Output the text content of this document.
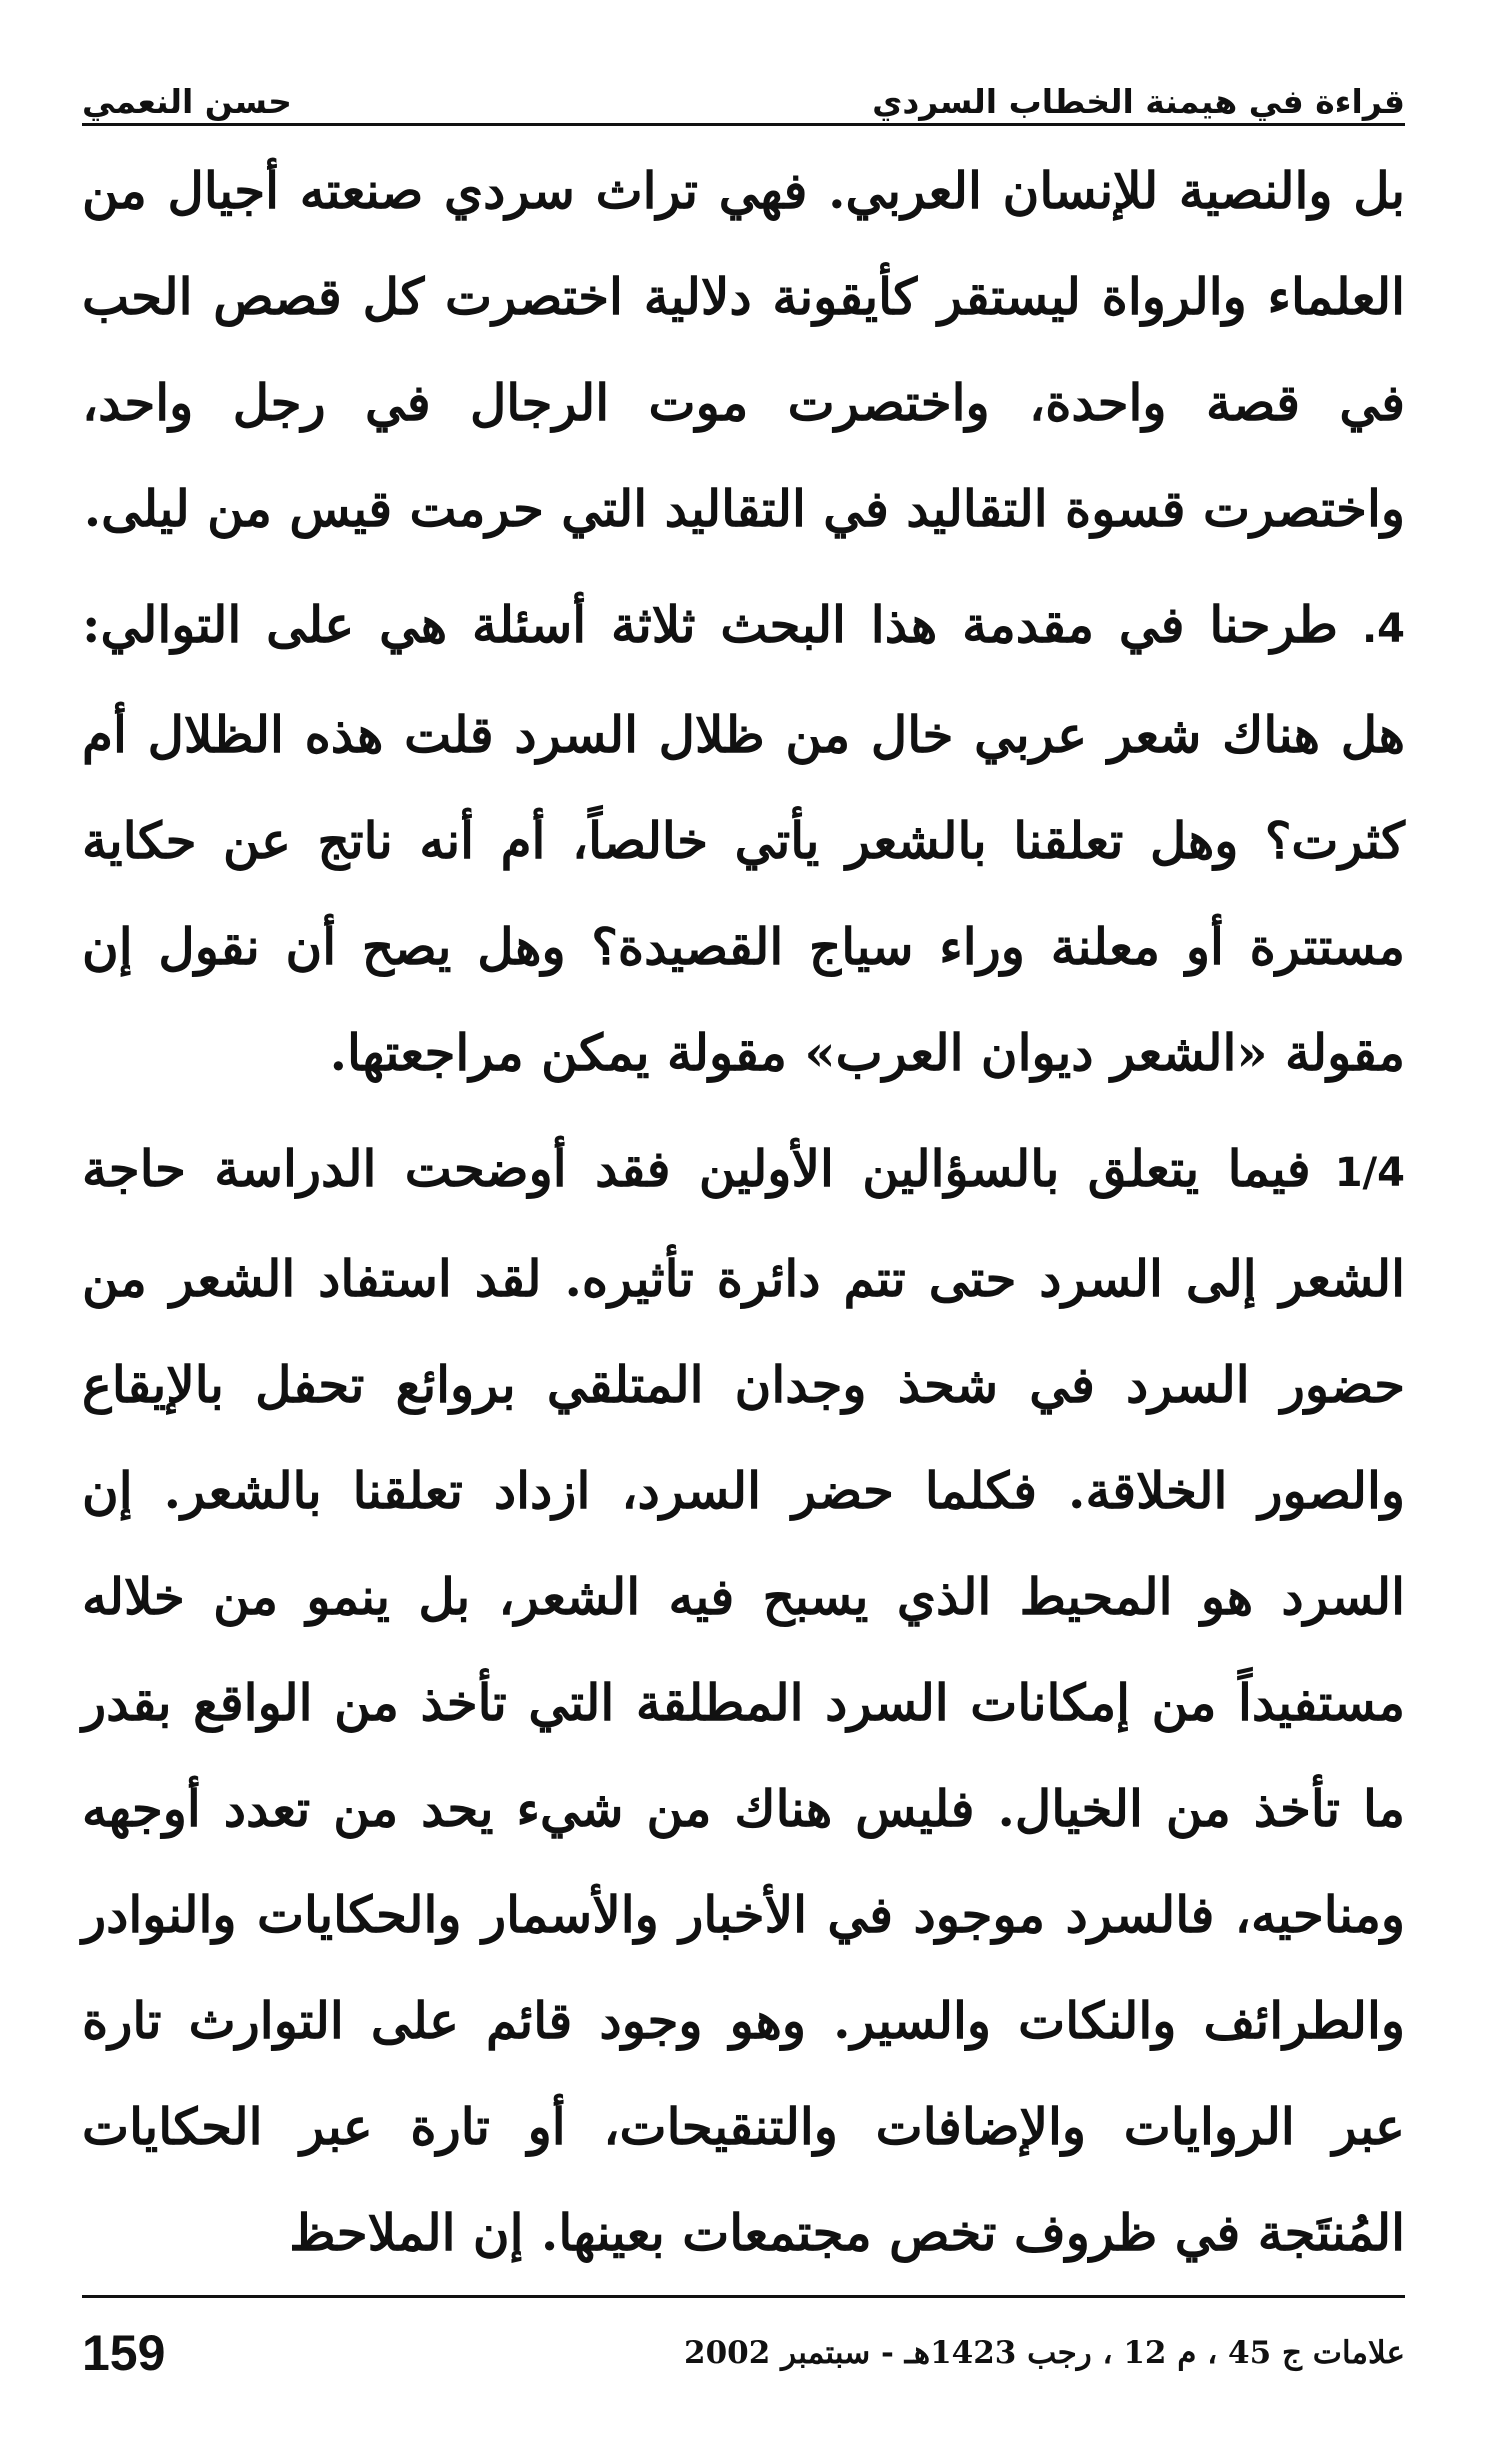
قراءة في هيمنة الخطاب السردي
حسن النعمي

بل والنصية للإنسان العربي. فهي تراث سردي صنعته أجيال من العلماء والرواة ليستقر كأيقونة دلالية اختصرت كل قصص الحب في قصة واحدة، واختصرت موت الرجال في رجل واحد، واختصرت قسوة التقاليد في التقاليد التي حرمت قيس من ليلى.

4.طرحنا في مقدمة هذا البحث ثلاثة أسئلة هي على التوالي: هل هناك شعر عربي خال من ظلال السرد قلت هذه الظلال أم كثرت؟ وهل تعلقنا بالشعر يأتي خالصاً، أم أنه ناتج عن حكاية مستترة أو معلنة وراء سياج القصيدة؟ وهل يصح أن نقول إن مقولة «الشعر ديوان العرب» مقولة يمكن مراجعتها.

1/4فيما يتعلق بالسؤالين الأولين فقد أوضحت الدراسة حاجة الشعر إلى السرد حتى تتم دائرة تأثيره. لقد استفاد الشعر من حضور السرد في شحذ وجدان المتلقي بروائع تحفل بالإيقاع والصور الخلاقة. فكلما حضر السرد، ازداد تعلقنا بالشعر. إن السرد هو المحيط الذي يسبح فيه الشعر، بل ينمو من خلاله مستفيداً من إمكانات السرد المطلقة التي تأخذ من الواقع بقدر ما تأخذ من الخيال. فليس هناك من شيء يحد من تعدد أوجهه ومناحيه، فالسرد موجود في الأخبار والأسمار والحكايات والنوادر والطرائف والنكات والسير. وهو وجود قائم على التوارث تارة عبر الروايات والإضافات والتنقيحات، أو تارة عبر الحكايات المُنتَجة في ظروف تخص مجتمعات بعينها. إن الملاحظ

علامات ج 45 ، م 12 ، رجب 1423هـ - سبتمبر 2002
159
